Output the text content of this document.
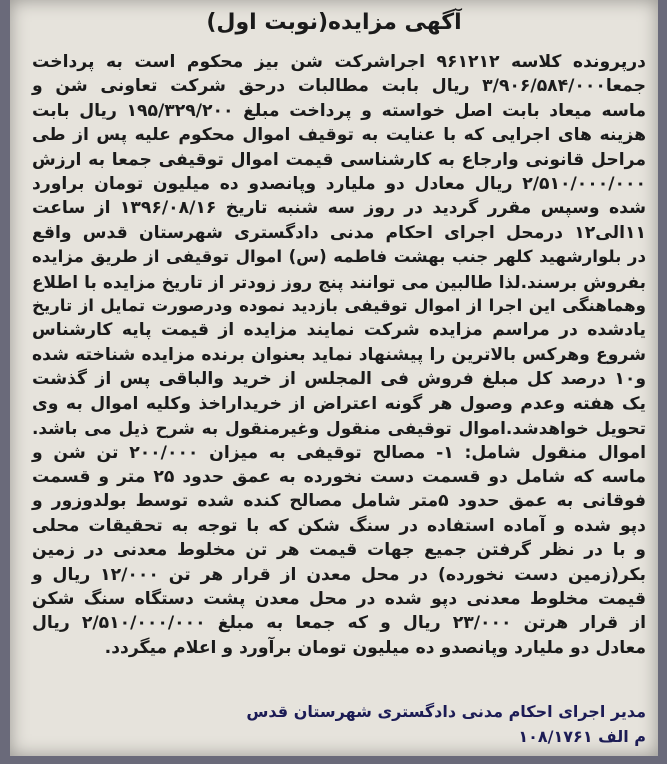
آگهی مزایده(نوبت اول)
درپرونده کلاسه ۹۶۱۲۱۲ اجراشرکت شن بیز محکوم است به پرداخت
جمعا۳/۹۰۶/۵۸۴/۰۰۰ ریال بابت مطالبات درحق شرکت تعاونی شن و
ماسه میعاد بابت اصل خواسته و پرداخت مبلغ ۱۹۵/۳۲۹/۲۰۰ ریال بابت
هزینه های اجرایی که با عنایت به توقیف اموال محکوم علیه پس از طی
مراحل قانونی وارجاع به کارشناسی قیمت اموال توقیفی جمعا به ارزش
۲/۵۱۰/۰۰۰/۰۰۰ ریال معادل دو ملیارد وپانصدو ده میلیون تومان براورد
شده وسپس مقرر گردید در روز سه شنبه تاریخ ۱۳۹۶/۰۸/۱۶ از ساعت
۱۱الی۱۲ درمحل اجرای احکام مدنی دادگستری شهرستان قدس واقع
در بلوارشهید کلهر جنب بهشت فاطمه (س) اموال توقیفی از طریق مزایده
بفروش برسند.لذا طالبین می توانند پنج روز زودتر از تاریخ مزایده با اطلاع
وهماهنگی این اجرا از اموال توقیفی بازدید نموده ودرصورت تمایل از تاریخ
یادشده در مراسم مزایده شرکت نمایند مزایده از قیمت پایه کارشناس
شروع وهرکس بالاترین را پیشنهاد نماید بعنوان برنده مزایده شناخته شده
و۱۰ درصد کل مبلغ فروش فی المجلس از خرید والباقی پس از گذشت
یک هفته وعدم وصول هر گونه اعتراض از خریداراخذ وکلیه اموال به وی
تحویل خواهدشد.اموال توقیفی منقول وغیرمنقول به شرح ذیل می باشد.
اموال منقول شامل: ۱- مصالح توقیفی به میزان ۲۰۰/۰۰۰ تن شن و
ماسه که شامل دو قسمت دست نخورده به عمق حدود ۲۵ متر و قسمت
فوقانی به عمق حدود ۵متر شامل مصالح کنده شده توسط بولدوزور و
دپو شده و آماده استفاده در سنگ شکن که با توجه به تحقیقات محلی
و با در نظر گرفتن جمیع جهات قیمت هر تن مخلوط معدنی در زمین
بکر(زمین دست نخورده) در محل معدن از قرار هر تن ۱۲/۰۰۰ ریال و
قیمت مخلوط معدنی دپو شده در محل معدن پشت دستگاه سنگ شکن
از قرار هرتن ۲۳/۰۰۰ ریال و که جمعا به مبلغ ۲/۵۱۰/۰۰۰/۰۰۰ ریال
معادل دو ملیارد وپانصدو ده میلیون تومان برآورد و اعلام میگردد.
مدیر اجرای احکام مدنی دادگستری شهرستان قدس
م الف ۱۰۸/۱۷۶۱
